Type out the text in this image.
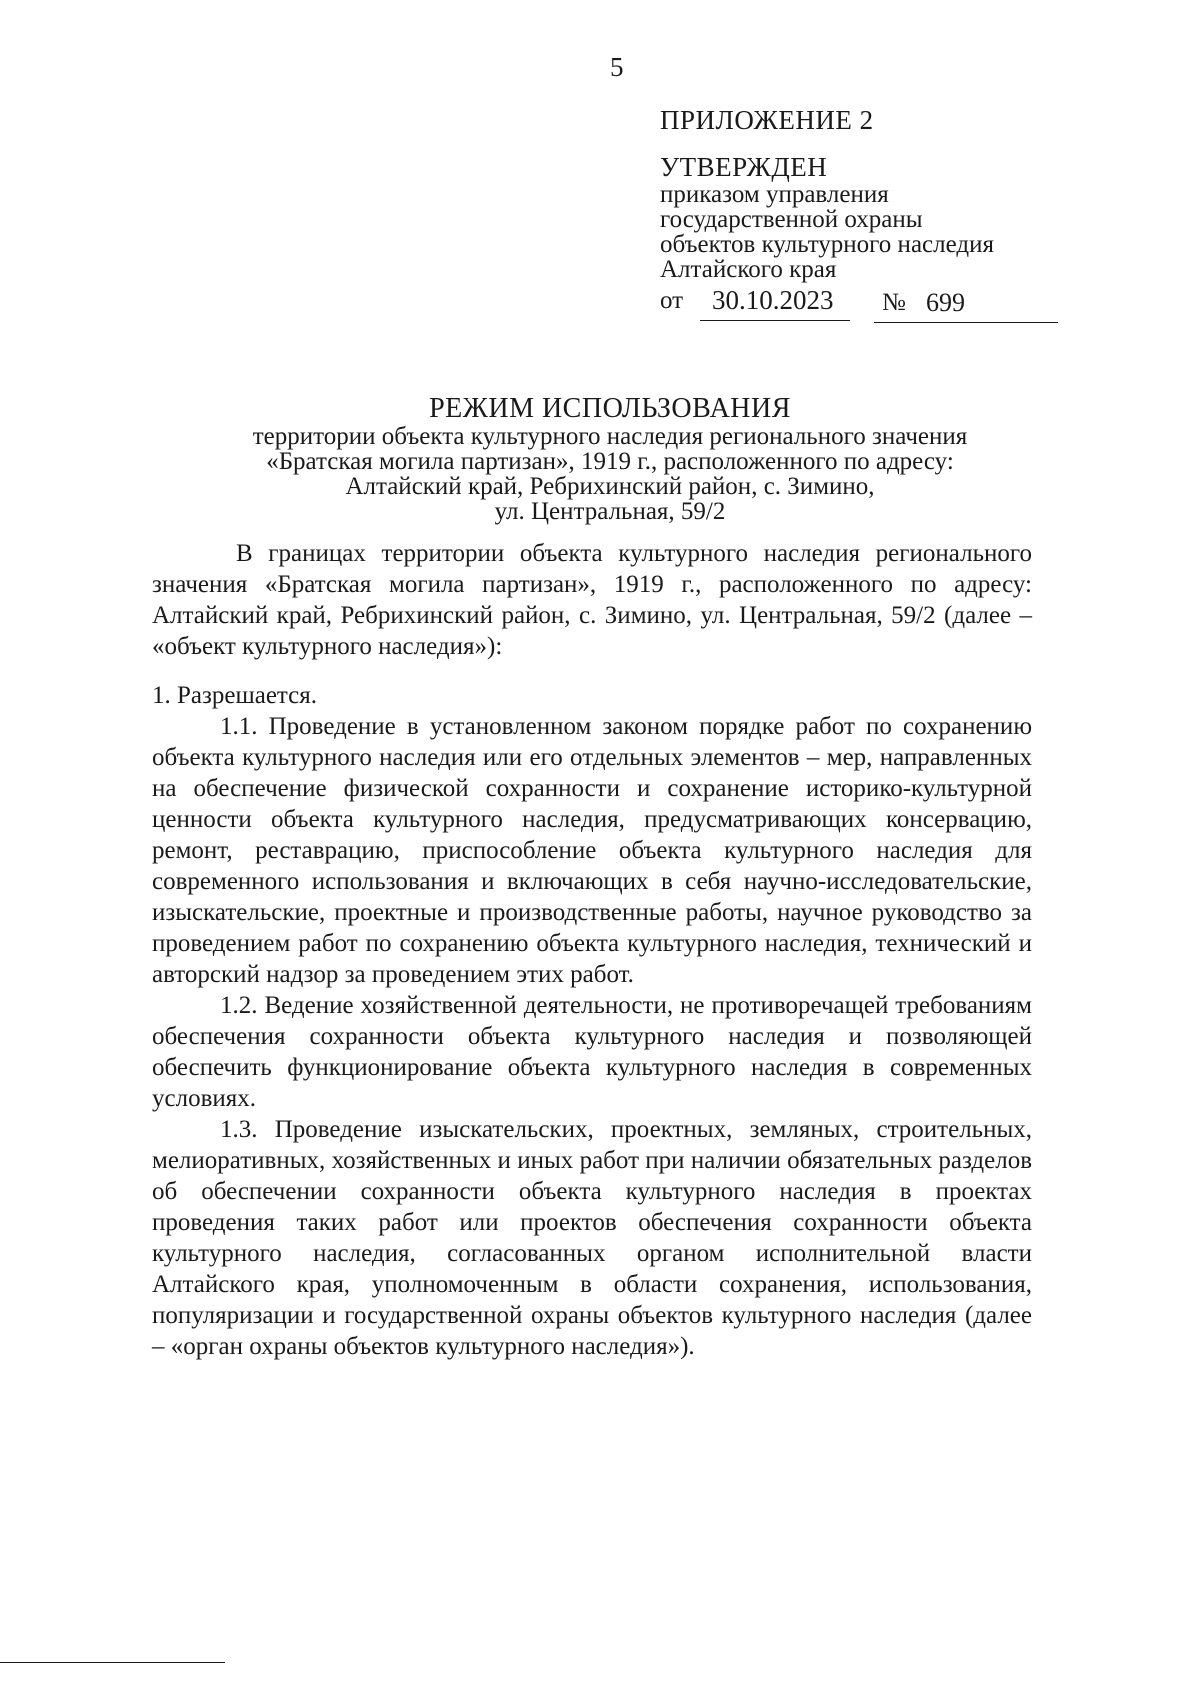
5
ПРИЛОЖЕНИЕ 2
УТВЕРЖДЕН
приказом управления
государственной охраны
объектов культурного наследия
Алтайского края
от 30.10.2023 № 699
РЕЖИМ ИСПОЛЬЗОВАНИЯ
территории объекта культурного наследия регионального значения
«Братская могила партизан», 1919 г., расположенного по адресу:
Алтайский край, Ребрихинский район, с. Зимино,
ул. Центральная, 59/2

В границах территории объекта культурного наследия регионального значения «Братская могила партизан», 1919 г., расположенного по адресу: Алтайский край, Ребрихинский район, с. Зимино, ул. Центральная, 59/2 (далее – «объект культурного наследия»):

1. Разрешается.

1.1. Проведение в установленном законом порядке работ по сохранению объекта культурного наследия или его отдельных элементов – мер, направленных на обеспечение физической сохранности и сохранение историко-культурной ценности объекта культурного наследия, предусматривающих консервацию, ремонт, реставрацию, приспособление объекта культурного наследия для современного использования и включающих в себя научно-исследовательские, изыскательские, проектные и производственные работы, научное руководство за проведением работ по сохранению объекта культурного наследия, технический и авторский надзор за проведением этих работ.

1.2. Ведение хозяйственной деятельности, не противоречащей требованиям обеспечения сохранности объекта культурного наследия и позволяющей обеспечить функционирование объекта культурного наследия в современных условиях.

1.3. Проведение изыскательских, проектных, земляных, строительных, мелиоративных, хозяйственных и иных работ при наличии обязательных разделов об обеспечении сохранности объекта культурного наследия в проектах проведения таких работ или проектов обеспечения сохранности объекта культурного наследия, согласованных органом исполнительной власти Алтайского края, уполномоченным в области сохранения, использования, популяризации и государственной охраны объектов культурного наследия (далее – «орган охраны объектов культурного наследия»).
